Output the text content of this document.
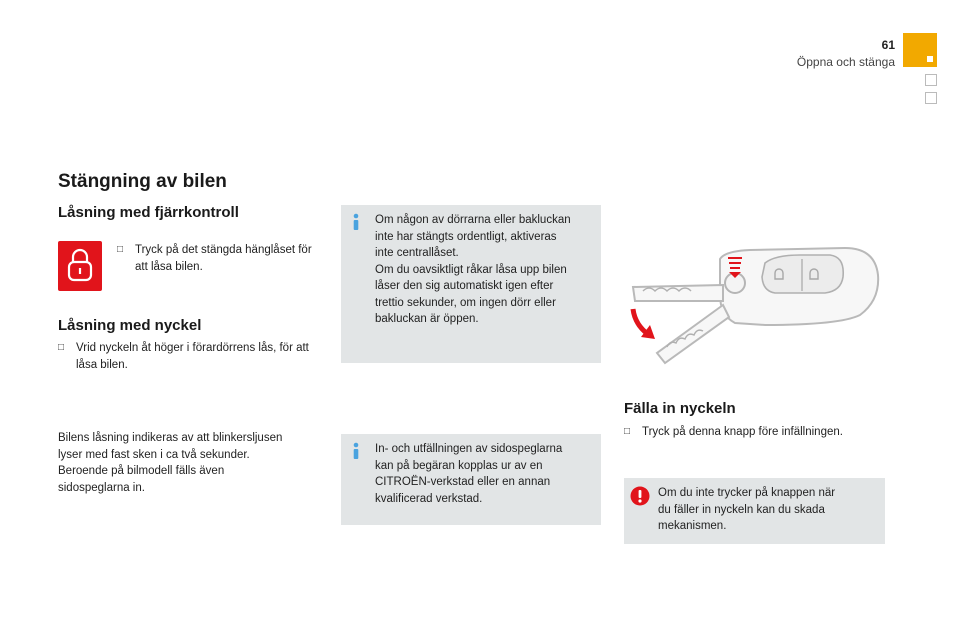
61
Öppna och stänga
Stängning av bilen
Låsning med fjärrkontroll
□	Tryck på det stängda hänglåset för att låsa bilen.
Låsning med nyckel
□	Vrid nyckeln åt höger i förardörrens lås, för att låsa bilen.
Bilens låsning indikeras av att blinkersljusen
lyser med fast sken i ca två sekunder.
Beroende på bilmodell fälls även
sidospeglarna in.
Om någon av dörrarna eller bakluckan
inte har stängts ordentligt, aktiveras
inte centrallåset.
Om du oavsiktligt råkar låsa upp bilen
låser den sig automatiskt igen efter
trettio sekunder, om ingen dörr eller
bakluckan är öppen.
In- och utfällningen av sidospeglarna
kan på begäran kopplas ur av en
CITROËN-verkstad eller en annan
kvalificerad verkstad.
Fälla in nyckeln
□	Tryck på denna knapp före infällningen.
Om du inte trycker på knappen när
du fäller in nyckeln kan du skada
mekanismen.
